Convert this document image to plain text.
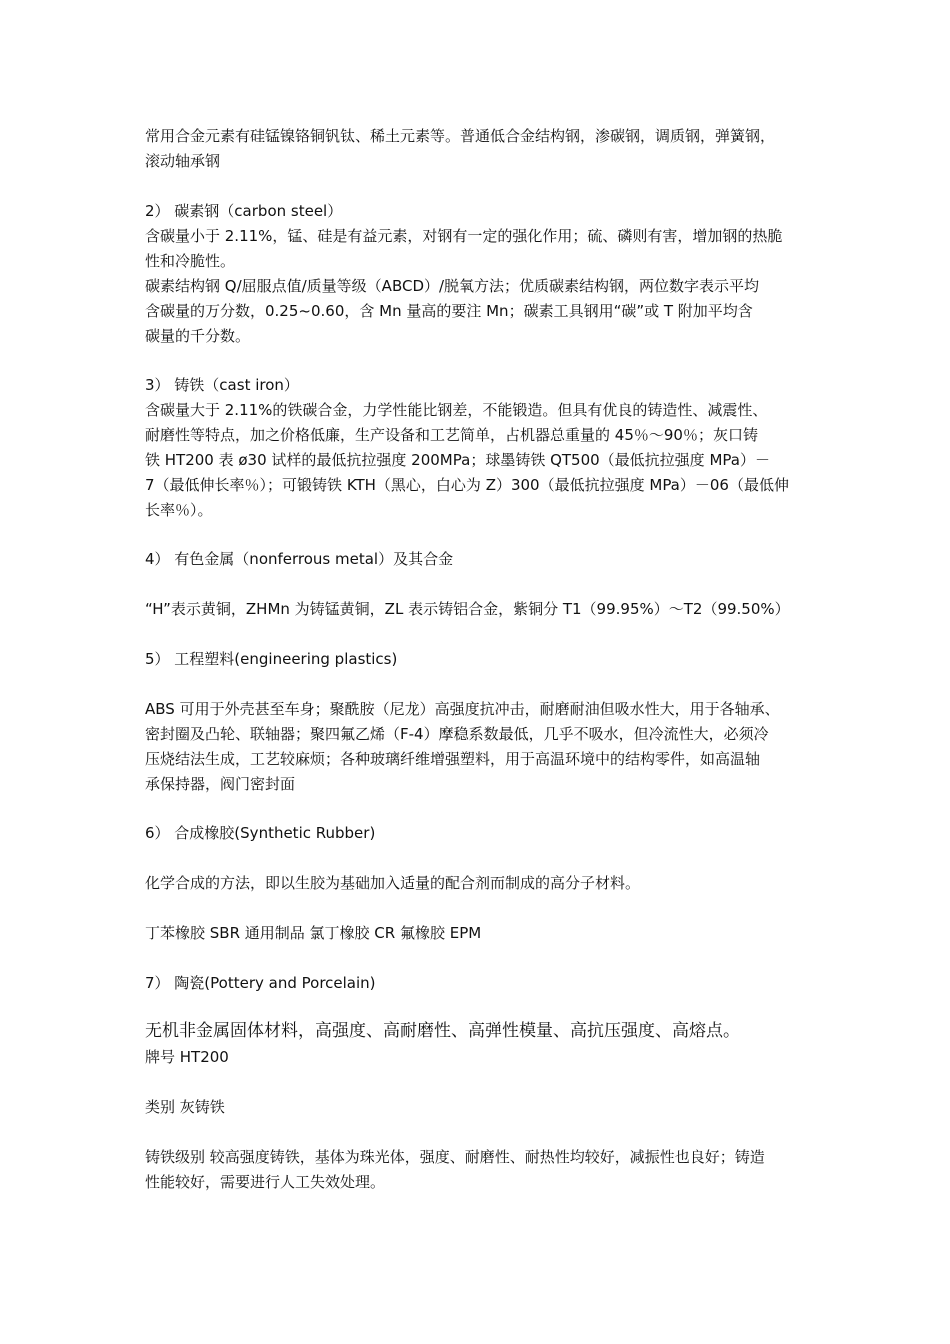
常用合金元素有硅锰镍铬铜钒钛、稀土元素等。普通低合金结构钢，渗碳钢，调质钢，弹簧钢，
滚动轴承钢
2） 碳素钢（carbon steel）
含碳量小于 2.11%，锰、硅是有益元素，对钢有一定的强化作用；硫、磷则有害，增加钢的热脆
性和冷脆性。
碳素结构钢 Q/屈服点值/质量等级（ABCD）/脱氧方法；优质碳素结构钢，两位数字表示平均
含碳量的万分数，0.25~0.60，含 Mn 量高的要注 Mn；碳素工具钢用“碳”或 T 附加平均含
碳量的千分数。
3） 铸铁（cast iron）
含碳量大于 2.11%的铁碳合金，力学性能比钢差，不能锻造。但具有优良的铸造性、减震性、
耐磨性等特点，加之价格低廉，生产设备和工艺简单，占机器总重量的 45％～90％；灰口铸
铁 HT200 表 ø30 试样的最低抗拉强度 200MPa；球墨铸铁 QT500（最低抗拉强度 MPa）－
7（最低伸长率％）；可锻铸铁 KTH（黑心，白心为 Z）300（最低抗拉强度 MPa）－06（最低伸
长率％）。
4） 有色金属（nonferrous metal）及其合金
“H”表示黄铜，ZHMn 为铸锰黄铜，ZL 表示铸铝合金，紫铜分 T1（99.95%）～T2（99.50%）
5） 工程塑料(engineering plastics)
ABS 可用于外壳甚至车身；聚酰胺（尼龙）高强度抗冲击，耐磨耐油但吸水性大，用于各轴承、
密封圈及凸轮、联轴器；聚四氟乙烯（F-4）摩稳系数最低，几乎不吸水，但冷流性大，必须冷
压烧结法生成，工艺较麻烦；各种玻璃纤维增强塑料，用于高温环境中的结构零件，如高温轴
承保持器，阀门密封面
6） 合成橡胶(Synthetic Rubber)
化学合成的方法，即以生胶为基础加入适量的配合剂而制成的高分子材料。
丁苯橡胶 SBR 通用制品 氯丁橡胶 CR 氟橡胶 EPM
7） 陶瓷(Pottery and Porcelain)
无机非金属固体材料，高强度、高耐磨性、高弹性模量、高抗压强度、高熔点。
牌号 HT200
类别 灰铸铁
铸铁级别 较高强度铸铁，基体为珠光体，强度、耐磨性、耐热性均较好，减振性也良好；铸造
性能较好，需要进行人工失效处理。
